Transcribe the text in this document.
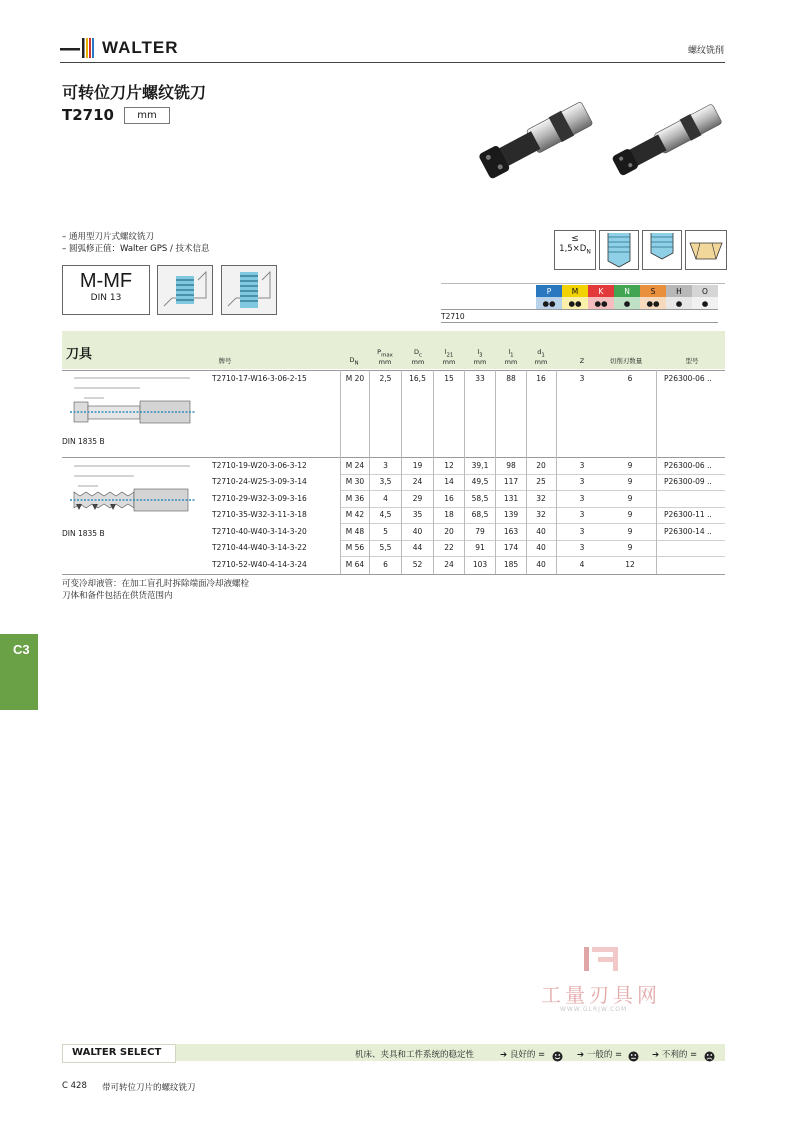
WALTER	螺纹铣削
可转位刀片螺纹铣刀
T2710	mm
– 通用型刀片式螺纹铣刀
– 圆弧修正值：Walter GPS / 技术信息
M-MF
DIN 13
≤
$1,5\times D_N$
	P	M	K	N	S	H	O
	●●	●●	●●	●	●●	●	●
T2710							
刀具	牌号	$D_N$
$P_{max}$
mm
$D_c$
mm
$l_{21}$
mm
$l_3$
mm
$l_1$
mm
$d_1$
mm	Z	切削刃数量	型号
DIN 1835 B
DIN 1835 B
T2710-17-W16-3-06-2-15	M 20	2,5	16,5	15	33	88	16	3	6	P26300-06 ..
T2710-19-W20-3-06-3-12	M 24	3	19	12	39,1	98	20	3	9	P26300-06 ..
T2710-24-W25-3-09-3-14	M 30	3,5	24	14	49,5	117	25	3	9	P26300-09 ..
T2710-29-W32-3-09-3-16	M 36	4	29	16	58,5	131	32	3	9
T2710-35-W32-3-11-3-18	M 42	4,5	35	18	68,5	139	32	3	9	P26300-11 ..
T2710-40-W40-3-14-3-20	M 48	5	40	20	79	163	40	3	9	P26300-14 ..
T2710-44-W40-3-14-3-22	M 56	5,5	44	22	91	174	40	3	9
T2710-52-W40-4-14-3-24	M 64	6	52	24	103	185	40	4	12
可变冷却液管：在加工盲孔时拆除端面冷却液螺栓
刀体和备件包括在供货范围内
C3
工量刃具网
WWW.GLRJW.COM
WALTER SELECT	机床、夹具和工件系统的稳定性	➔ 良好的 =	➔ 一般的 =	➔ 不利的 =
C 428 带可转位刀片的螺纹铣刀
